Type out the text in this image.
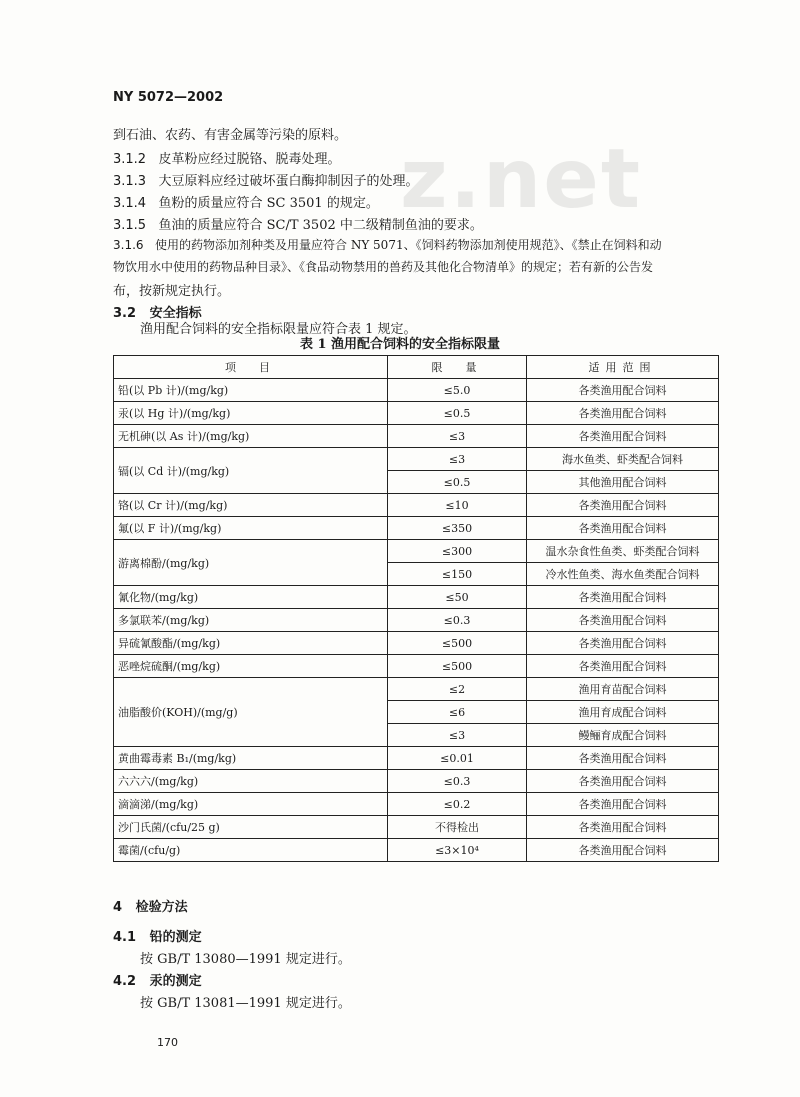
z.net
NY 5072—2002
到石油、农药、有害金属等污染的原料。
3.1.2 皮革粉应经过脱铬、脱毒处理。
3.1.3 大豆原料应经过破坏蛋白酶抑制因子的处理。
3.1.4 鱼粉的质量应符合 SC 3501 的规定。
3.1.5 鱼油的质量应符合 SC/T 3502 中二级精制鱼油的要求。
3.1.6 使用的药物添加剂种类及用量应符合 NY 5071、《饲料药物添加剂使用规范》、《禁止在饲料和动
物饮用水中使用的药物品种目录》、《食品动物禁用的兽药及其他化合物清单》的规定；若有新的公告发
布，按新规定执行。
3.2 安全指标
渔用配合饲料的安全指标限量应符合表 1 规定。
表 1 渔用配合饲料的安全指标限量
项　目	限　量	适用范围
铅(以 Pb 计)/(mg/kg)	≤5.0	各类渔用配合饲料
汞(以 Hg 计)/(mg/kg)	≤0.5	各类渔用配合饲料
无机砷(以 As 计)/(mg/kg)	≤3	各类渔用配合饲料
镉(以 Cd 计)/(mg/kg)	≤3	海水鱼类、虾类配合饲料
	≤0.5	其他渔用配合饲料
铬(以 Cr 计)/(mg/kg)	≤10	各类渔用配合饲料
氟(以 F 计)/(mg/kg)	≤350	各类渔用配合饲料
游离棉酚/(mg/kg)	≤300	温水杂食性鱼类、虾类配合饲料
	≤150	冷水性鱼类、海水鱼类配合饲料
氰化物/(mg/kg)	≤50	各类渔用配合饲料
多氯联苯/(mg/kg)	≤0.3	各类渔用配合饲料
异硫氰酸酯/(mg/kg)	≤500	各类渔用配合饲料
恶唑烷硫酮/(mg/kg)	≤500	各类渔用配合饲料
油脂酸价(KOH)/(mg/g)	≤2	渔用育苗配合饲料
	≤6	渔用育成配合饲料
	≤3	鳗鲡育成配合饲料
黄曲霉毒素 B₁/(mg/kg)	≤0.01	各类渔用配合饲料
六六六/(mg/kg)	≤0.3	各类渔用配合饲料
滴滴涕/(mg/kg)	≤0.2	各类渔用配合饲料
沙门氏菌/(cfu/25 g)	不得检出	各类渔用配合饲料
霉菌/(cfu/g)	≤3×10⁴	各类渔用配合饲料
4 检验方法
4.1 铅的测定
按 GB/T 13080—1991 规定进行。
4.2 汞的测定
按 GB/T 13081—1991 规定进行。
170
